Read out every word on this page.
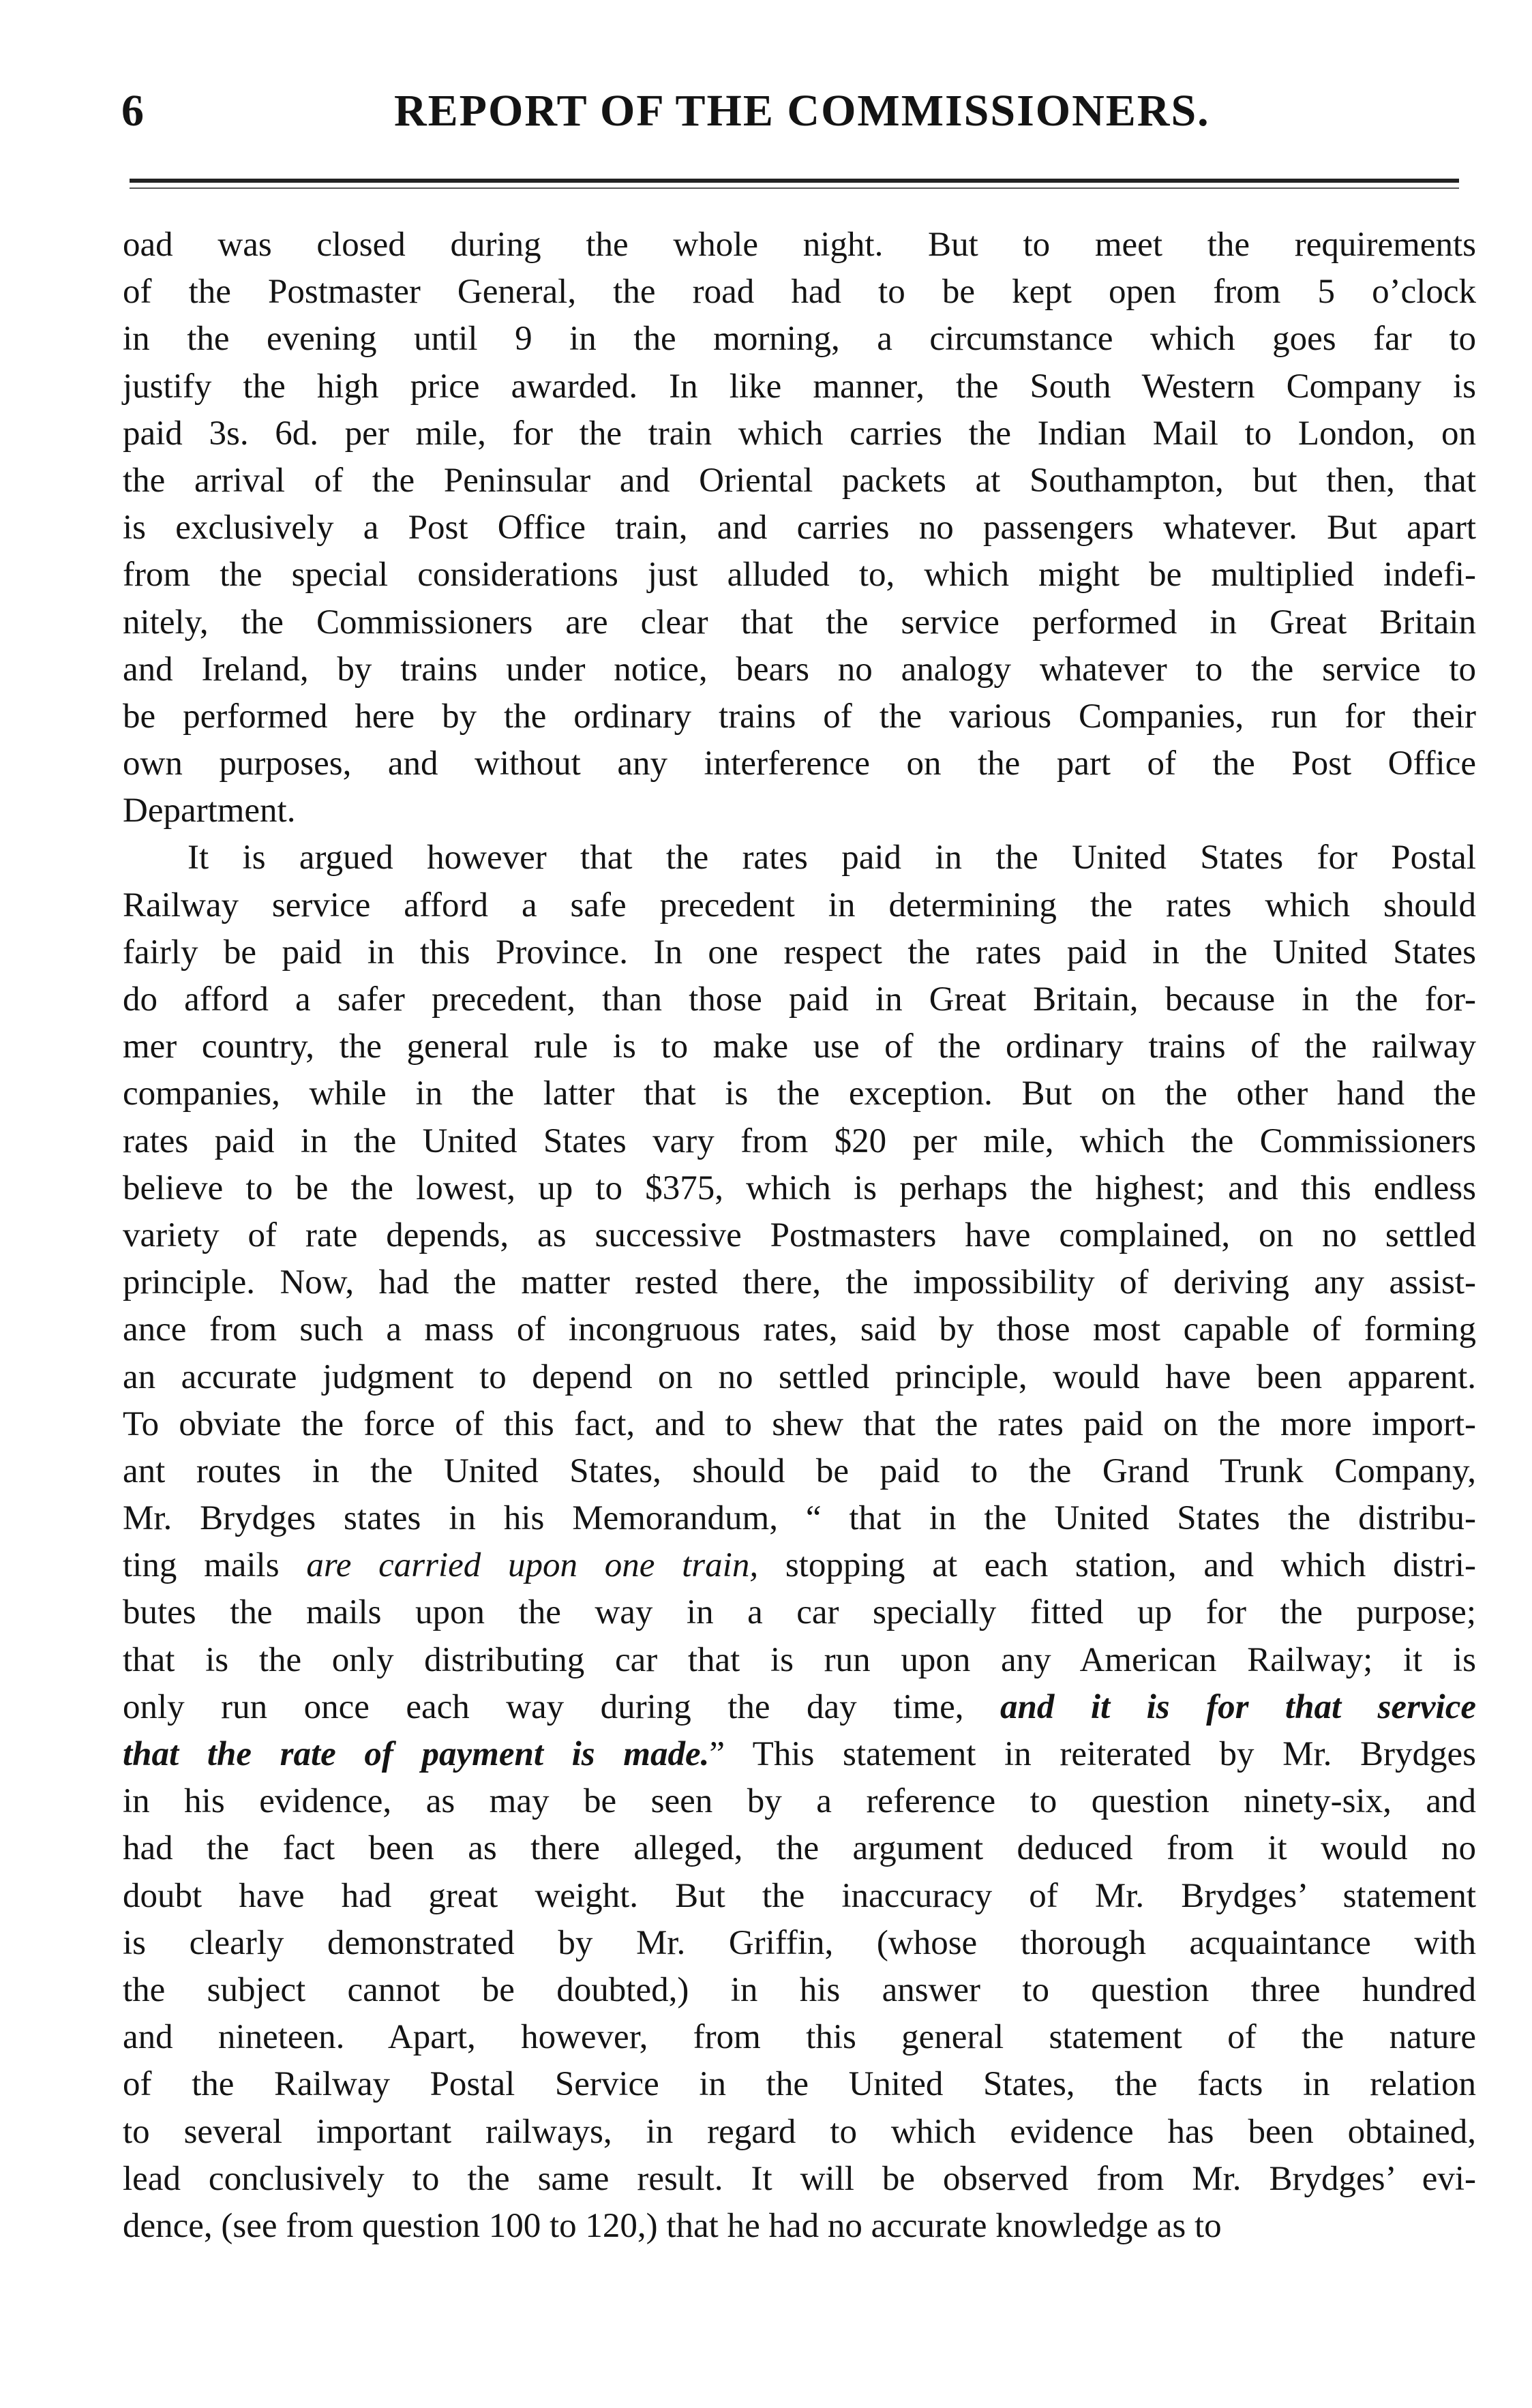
6	REPORT OF THE COMMISSIONERS.
oad was closed during the whole night. But to meet the requirements
of the Postmaster General, the road had to be kept open from 5 o’clock
in the evening until 9 in the morning, a circumstance which goes far to
justify the high price awarded. In like manner, the South Western Company is
paid 3s. 6d. per mile, for the train which carries the Indian Mail to London, on
the arrival of the Peninsular and Oriental packets at Southampton, but then, that
is exclusively a Post Office train, and carries no passengers whatever. But apart
from the special considerations just alluded to, which might be multiplied indefi-
nitely, the Commissioners are clear that the service performed in Great Britain
and Ireland, by trains under notice, bears no analogy whatever to the service to
be performed here by the ordinary trains of the various Companies, run for their
own purposes, and without any interference on the part of the Post Office
Department.
It is argued however that the rates paid in the United States for Postal
Railway service afford a safe precedent in determining the rates which should
fairly be paid in this Province. In one respect the rates paid in the United States
do afford a safer precedent, than those paid in Great Britain, because in the for-
mer country, the general rule is to make use of the ordinary trains of the railway
companies, while in the latter that is the exception. But on the other hand the
rates paid in the United States vary from $20 per mile, which the Commissioners
believe to be the lowest, up to $375, which is perhaps the highest; and this endless
variety of rate depends, as successive Postmasters have complained, on no settled
principle. Now, had the matter rested there, the impossibility of deriving any assist-
ance from such a mass of incongruous rates, said by those most capable of forming
an accurate judgment to depend on no settled principle, would have been apparent.
To obviate the force of this fact, and to shew that the rates paid on the more import-
ant routes in the United States, should be paid to the Grand Trunk Company,
Mr. Brydges states in his Memorandum, “ that in the United States the distribu-
ting mails are carried upon one train, stopping at each station, and which distri-
butes the mails upon the way in a car specially fitted up for the purpose;
that is the only distributing car that is run upon any American Railway; it is
only run once each way during the day time, and it is for that service
that the rate of payment is made.” This statement in reiterated by Mr. Brydges
in his evidence, as may be seen by a reference to question ninety-six, and
had the fact been as there alleged, the argument deduced from it would no
doubt have had great weight. But the inaccuracy of Mr. Brydges’ statement
is clearly demonstrated by Mr. Griffin, (whose thorough acquaintance with
the subject cannot be doubted,) in his answer to question three hundred
and nineteen. Apart, however, from this general statement of the nature
of the Railway Postal Service in the United States, the facts in relation
to several important railways, in regard to which evidence has been obtained,
lead conclusively to the same result. It will be observed from Mr. Brydges’ evi-
dence, (see from question 100 to 120,) that he had no accurate knowledge as to
